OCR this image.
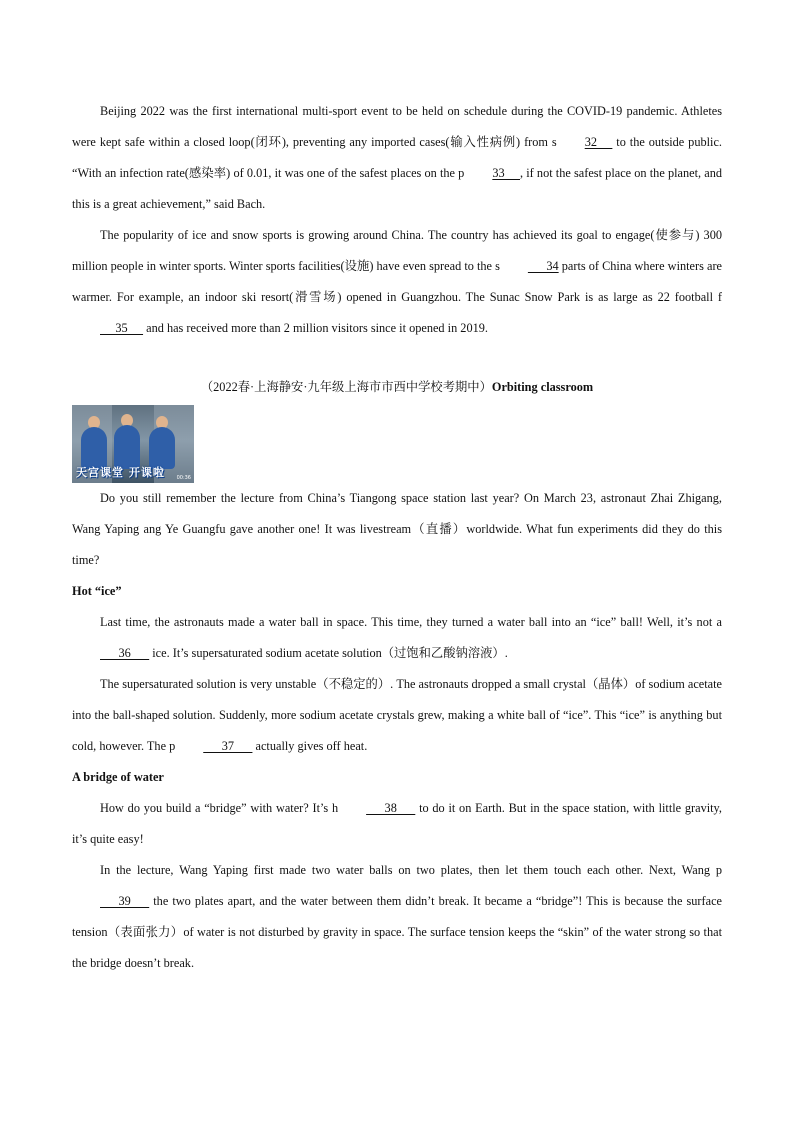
Beijing 2022 was the first international multi-sport event to be held on schedule during the COVID-19 pandemic. Athletes were kept safe within a closed loop(闭环), preventing any imported cases(输入性病例) from s 32      to the outside public. “With an infection rate(感染率) of 0.01, it was one of the safest places on the p 33     , if not the safest place on the planet, and this is a great achievement,” said Bach.

The popularity of ice and snow sports is growing around China. The country has achieved its goal to engage(使参与) 300 million people in winter sports. Winter sports facilities(设施) have even spread to the s      34 parts of China where winters are warmer. For example, an indoor ski resort(滑雪场) opened in Guangzhou. The Sunac Snow Park is as large as 22 football f     35      and has received more than 2 million visitors since it opened in 2019.

（2022春·上海静安·九年级上海市市西中学校考期中）Orbiting classroom
天宫课堂 开课啦 00:36

Do you still remember the lecture from China’s Tiangong space station last year? On March 23, astronaut Zhai Zhigang, Wang Yaping ang Ye Guangfu gave another one! It was livestream（直播）worldwide. What fun experiments did they do this time?

Hot “ice”

Last time, the astronauts made a water ball in space. This time, they turned a water ball into an “ice” ball! Well, it’s not a      36       ice. It’s supersaturated sodium acetate solution（过饱和乙酸钠溶液）.

The supersaturated solution is very unstable（不稳定的）. The astronauts dropped a small crystal（晶体）of sodium acetate into the ball-shaped solution. Suddenly, more sodium acetate crystals grew, making a white ball of “ice”. This “ice” is anything but cold, however. The p      37       actually gives off heat.

A bridge of water

How do you build a “bridge” with water? It’s h      38       to do it on Earth. But in the space station, with little gravity, it’s quite easy!

In the lecture, Wang Yaping first made two water balls on two plates, then let them touch each other. Next, Wang p      39       the two plates apart, and the water between them didn’t break. It became a “bridge”! This is because the surface tension（表面张力）of water is not disturbed by gravity in space. The surface tension keeps the “skin” of the water strong so that the bridge doesn’t break.
